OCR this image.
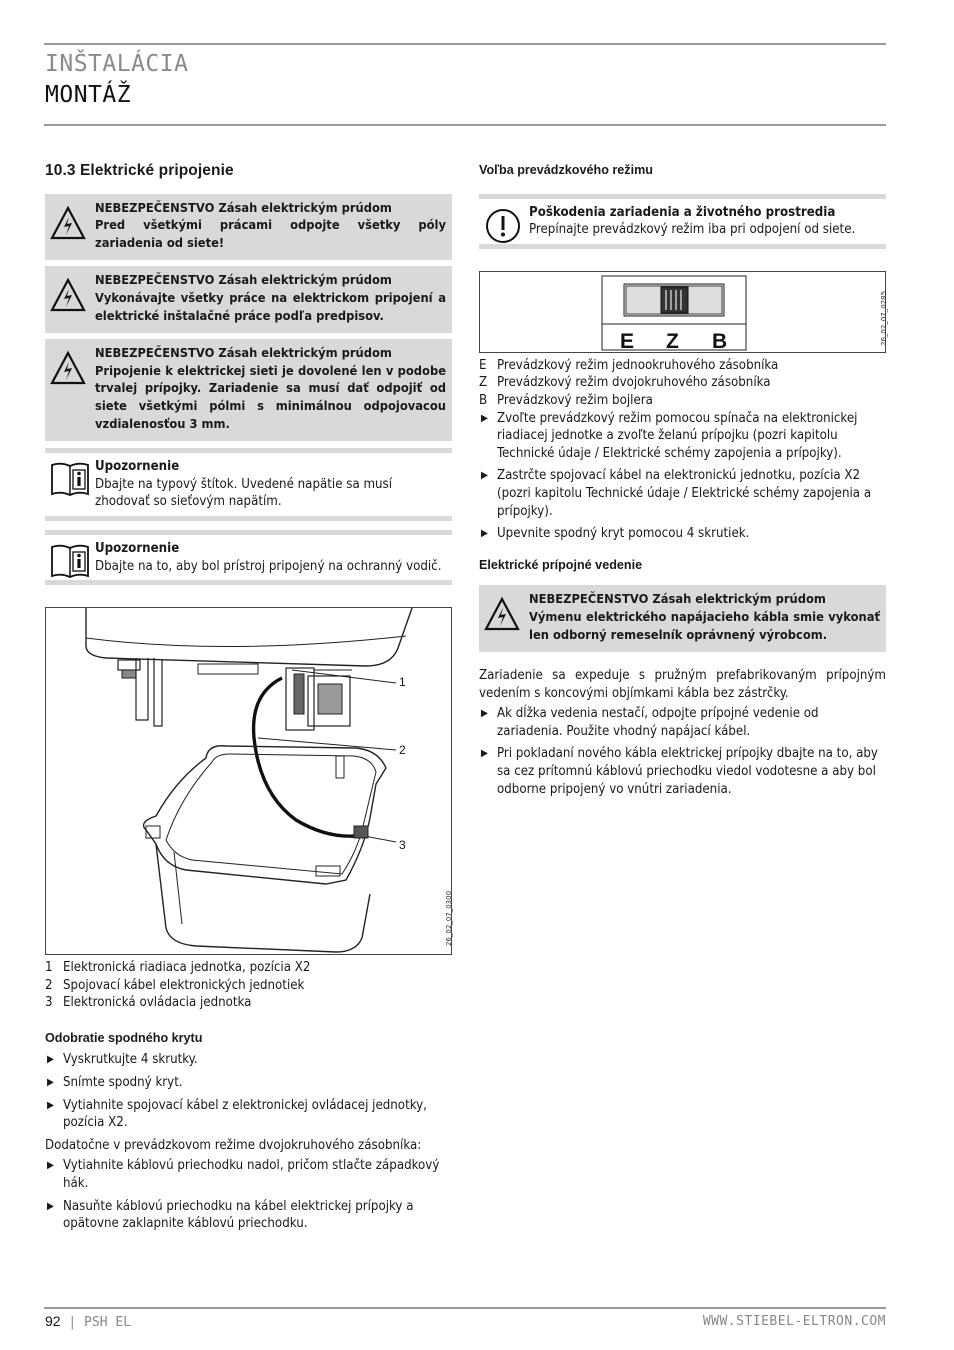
INŠTALÁCIA
MONTÁŽ
10.3 Elektrické pripojenie
NEBEZPEČENSTVO Zásah elektrickým prúdom
Pred všetkými prácami odpojte všetky póly zariadenia od siete!
NEBEZPEČENSTVO Zásah elektrickým prúdom
Vykonávajte všetky práce na elektrickom pripojení a elektrické inštalačné práce podľa predpisov.
NEBEZPEČENSTVO Zásah elektrickým prúdom
Pripojenie k elektrickej sieti je dovolené len v podobe trvalej prípojky. Zariadenie sa musí dať odpojiť od siete všetkými pólmi s minimálnou odpojovacou vzdialenosťou 3 mm.
Upozornenie
Dbajte na typový štítok. Uvedené napätie sa musí zhodovať so sieťovým napätím.
Upozornenie
Dbajte na to, aby bol prístroj pripojený na ochranný vodič.
1
2
3
26_02_07_0300
1 Elektronická riadiaca jednotka, pozícia X2
2 Spojovací kábel elektronických jednotiek
3 Elektronická ovládacia jednotka
Odobratie spodného krytu
▶ Vyskrutkujte 4 skrutky.
▶ Snímte spodný kryt.
▶ Vytiahnite spojovací kábel z elektronickej ovládacej jednotky, pozícia X2.

Dodatočne v prevádzkovom režime dvojokruhového zásobníka:

▶ Vytiahnite káblovú priechodku nadol, pričom stlačte západkový hák.
▶ Nasuňte káblovú priechodku na kábel elektrickej prípojky a opätovne zaklapnite káblovú priechodku.
Voľba prevádzkového režimu
Poškodenia zariadenia a životného prostredia
Prepínajte prevádzkový režim iba pri odpojení od siete.
E Z B	26_02_07_0285
E Prevádzkový režim jednookruhového zásobníka
Z Prevádzkový režim dvojokruhového zásobníka
B Prevádzkový režim bojlera
▶ Zvoľte prevádzkový režim pomocou spínača na elektronickej riadiacej jednotke a zvoľte želanú prípojku (pozri kapitolu Technické údaje / Elektrické schémy zapojenia a prípojky).
▶ Zastrčte spojovací kábel na elektronickú jednotku, pozícia X2 (pozri kapitolu Technické údaje / Elektrické schémy zapojenia a prípojky).
▶ Upevnite spodný kryt pomocou 4 skrutiek.
Elektrické prípojné vedenie
NEBEZPEČENSTVO Zásah elektrickým prúdom
Výmenu elektrického napájacieho kábla smie vykonať len odborný remeselník oprávnený výrobcom.

Zariadenie sa expeduje s pružným prefabrikovaným prípojným vedením s koncovými objímkami kábla bez zástrčky.

▶ Ak dĺžka vedenia nestačí, odpojte prípojné vedenie od zariadenia. Použite vhodný napájací kábel.
▶ Pri pokladaní nového kábla elektrickej prípojky dbajte na to, aby sa cez prítomnú káblovú priechodku viedol vodotesne a aby bol odborne pripojený vo vnútri zariadenia.
92 | PSH EL	WWW.STIEBEL-ELTRON.COM
